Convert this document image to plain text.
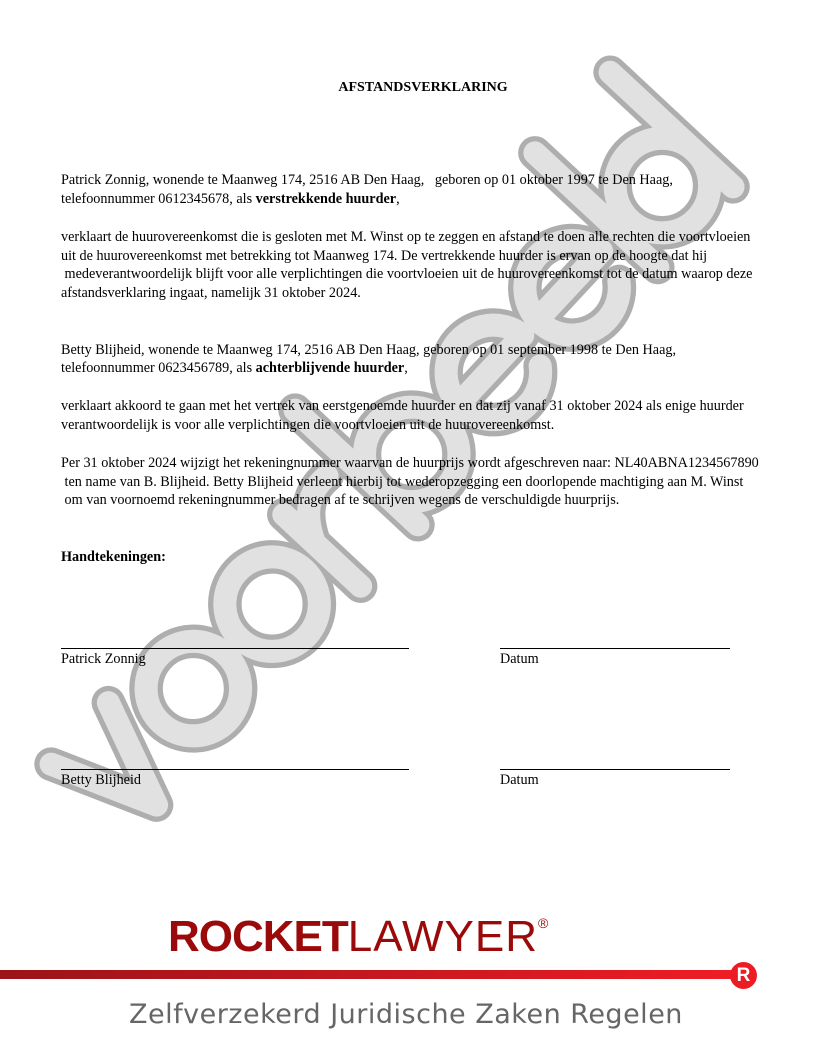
AFSTANDSVERKLARING
Patrick Zonnig, wonende te Maanweg 174, 2516 AB Den Haag,   geboren op 01 oktober 1997 te Den Haag,
telefoonnummer 0612345678, als verstrekkende huurder,
verklaart de huurovereenkomst die is gesloten met M. Winst op te zeggen en afstand te doen alle rechten die voortvloeien
uit de huurovereenkomst met betrekking tot Maanweg 174. De vertrekkende huurder is ervan op de hoogte dat hij
medeverantwoordelijk blijft voor alle verplichtingen die voortvloeien uit de huurovereenkomst tot de datum waarop deze
afstandsverklaring ingaat, namelijk 31 oktober 2024.
Betty Blijheid, wonende te Maanweg 174, 2516 AB Den Haag, geboren op 01 september 1998 te Den Haag,
telefoonnummer 0623456789, als achterblijvende huurder,
verklaart akkoord te gaan met het vertrek van eerstgenoemde huurder en dat zij vanaf 31 oktober 2024 als enige huurder
verantwoordelijk is voor alle verplichtingen die voortvloeien uit de huurovereenkomst.
Per 31 oktober 2024 wijzigt het rekeningnummer waarvan de huurprijs wordt afgeschreven naar: NL40ABNA1234567890
ten name van B. Blijheid. Betty Blijheid verleent hierbij tot wederopzegging een doorlopende machtiging aan M. Winst
om van voornoemd rekeningnummer bedragen af te schrijven wegens de verschuldigde huurprijs.
Handtekeningen:
Patrick Zonnig	Datum
Betty Blijheid	Datum
ROCKETLAWYER®
R
Zelfverzekerd Juridische Zaken Regelen
